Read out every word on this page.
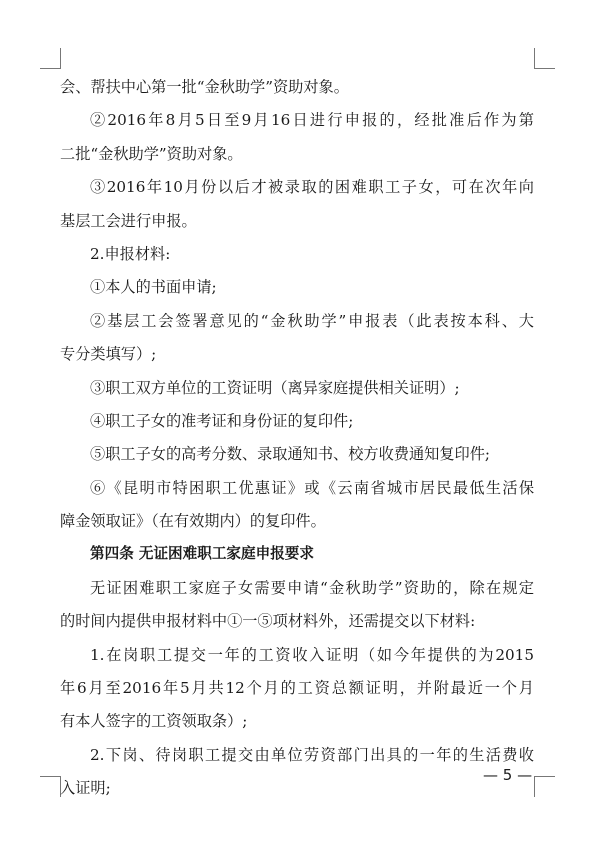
会、帮扶中心第一批“金秋助学”资助对象。
②2016年8月5日至9月16日进行申报的，经批准后作为第
二批“金秋助学”资助对象。
③2016年10月份以后才被录取的困难职工子女，可在次年向
基层工会进行申报。
2.申报材料:
①本人的书面申请;
②基层工会签署意见的“金秋助学”申报表（此表按本科、大
专分类填写）;
③职工双方单位的工资证明（离异家庭提供相关证明）;
④职工子女的准考证和身份证的复印件;
⑤职工子女的高考分数、录取通知书、校方收费通知复印件;
⑥《昆明市特困职工优惠证》或《云南省城市居民最低生活保
障金领取证》（在有效期内）的复印件。
第四条 无证困难职工家庭申报要求
无证困难职工家庭子女需要申请“金秋助学”资助的，除在规定
的时间内提供申报材料中①一⑤项材料外，还需提交以下材料:
1.在岗职工提交一年的工资收入证明（如今年提供的为2015
年6月至2016年5月共12个月的工资总额证明，并附最近一个月
有本人签字的工资领取条）;
2.下岗、待岗职工提交由单位劳资部门出具的一年的生活费收
入证明;
— 5 —
